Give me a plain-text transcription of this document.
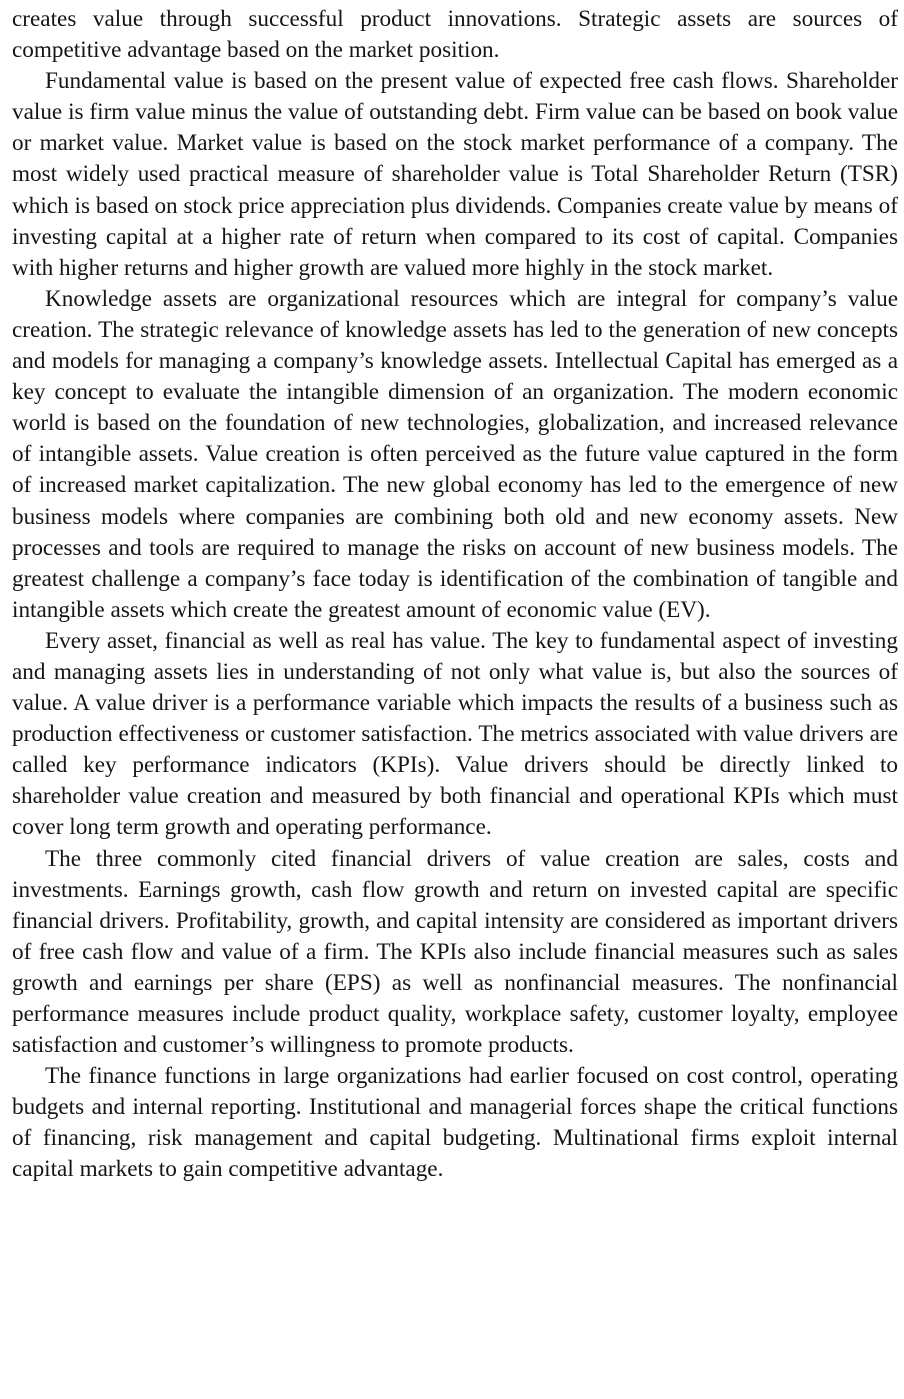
creates value through successful product innovations. Strategic assets are sources of competitive advantage based on the market position.

Fundamental value is based on the present value of expected free cash flows. Shareholder value is firm value minus the value of outstanding debt. Firm value can be based on book value or market value. Market value is based on the stock market performance of a company. The most widely used practical measure of shareholder value is Total Shareholder Return (TSR) which is based on stock price appreciation plus dividends. Companies create value by means of investing capital at a higher rate of return when compared to its cost of capital. Companies with higher returns and higher growth are valued more highly in the stock market.

Knowledge assets are organizational resources which are integral for company’s value creation. The strategic relevance of knowledge assets has led to the generation of new concepts and models for managing a company’s knowledge assets. Intellectual Capital has emerged as a key concept to evaluate the intangible dimension of an organization. The modern economic world is based on the foundation of new technologies, globalization, and increased relevance of intangible assets. Value creation is often perceived as the future value captured in the form of increased market capitalization. The new global economy has led to the emergence of new business models where companies are combining both old and new economy assets. New processes and tools are required to manage the risks on account of new business models. The greatest challenge a company’s face today is identification of the combination of tangible and intangible assets which create the greatest amount of economic value (EV).

Every asset, financial as well as real has value. The key to fundamental aspect of investing and managing assets lies in understanding of not only what value is, but also the sources of value. A value driver is a performance variable which impacts the results of a business such as production effectiveness or customer satisfaction. The metrics associated with value drivers are called key performance indicators (KPIs). Value drivers should be directly linked to shareholder value creation and measured by both financial and operational KPIs which must cover long term growth and operating performance.

The three commonly cited financial drivers of value creation are sales, costs and investments. Earnings growth, cash flow growth and return on invested capital are specific financial drivers. Profitability, growth, and capital intensity are considered as important drivers of free cash flow and value of a firm. The KPIs also include financial measures such as sales growth and earnings per share (EPS) as well as nonfinancial measures. The nonfinancial performance measures include product quality, workplace safety, customer loyalty, employee satisfaction and customer’s willingness to promote products.

The finance functions in large organizations had earlier focused on cost control, operating budgets and internal reporting. Institutional and managerial forces shape the critical functions of financing, risk management and capital budgeting. Multinational firms exploit internal capital markets to gain competitive advantage.
